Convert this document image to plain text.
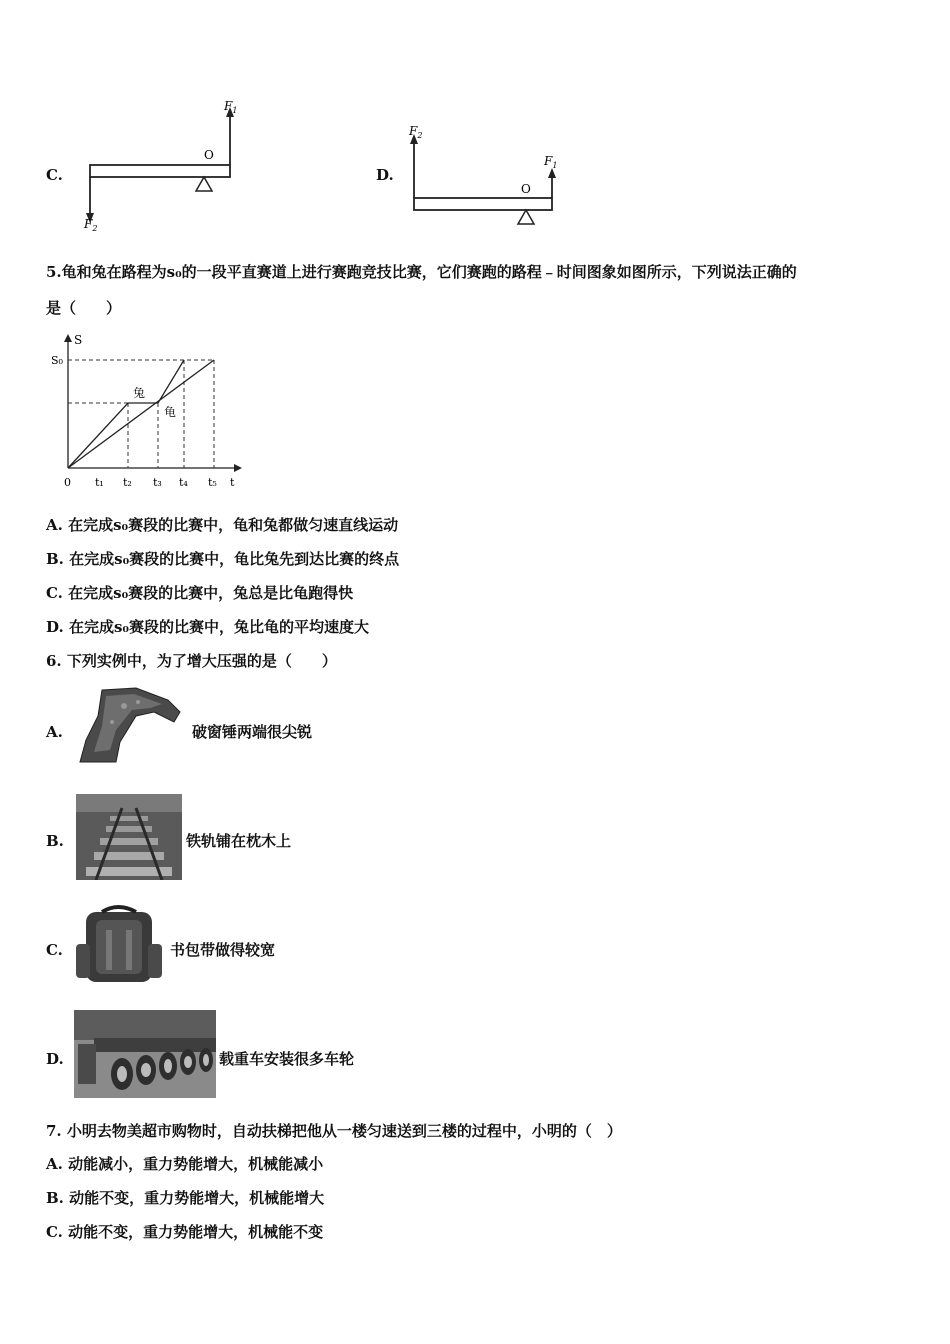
C.
$F_1$
$F_2$
O
D.
$F_2$
$F_1$
O
5.龟和兔在路程为s₀的一段平直赛道上进行赛跑竞技比赛，它们赛跑的路程﹣时间图象如图所示，下列说法正确的
是（　　）
S
S₀
兔
龟
0 t₁ t₂ t₃ t₄ t₅ t
A. 在完成s₀赛段的比赛中，龟和兔都做匀速直线运动
B. 在完成s₀赛段的比赛中，龟比兔先到达比赛的终点
C. 在完成s₀赛段的比赛中，兔总是比龟跑得快
D. 在完成s₀赛段的比赛中，兔比龟的平均速度大
6. 下列实例中，为了增大压强的是（　　）
A.	破窗锤两端很尖锐
B.	铁轨铺在枕木上
C.	书包带做得较宽
D.	载重车安装很多车轮
7. 小明去物美超市购物时，自动扶梯把他从一楼匀速送到三楼的过程中，小明的（　）
A. 动能减小，重力势能增大，机械能减小
B. 动能不变，重力势能增大，机械能增大
C. 动能不变，重力势能增大，机械能不变
